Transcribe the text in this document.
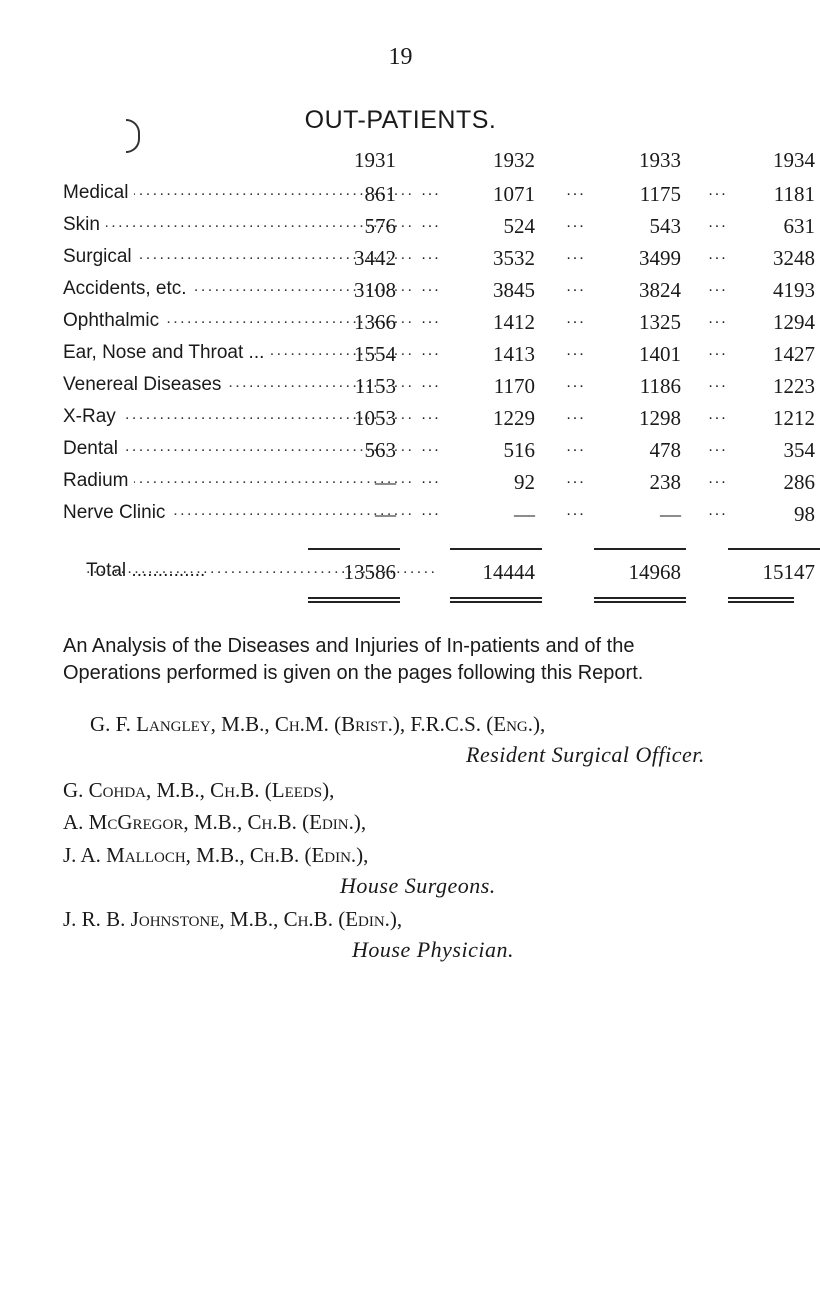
19
OUT-PATIENTS.
1931	1932	1933	1934
Medical . . .	861	...	1071	...	1175	...	1181
Skin . . .	576	...	524	...	543	...	631
Surgical . . .	3442	...	3532	...	3499	...	3248
Accidents, etc. . . .	3108	...	3845	...	3824	...	4193
Ophthalmic . . .	1366	...	1412	...	1325	...	1294
Ear, Nose and Throat ... . . .	1554	...	1413	...	1401	...	1427
Venereal Diseases . . .	1153	...	1170	...	1186	...	1223
X-Ray . . .	1053	...	1229	...	1298	...	1212
Dental . . .	563	...	516	...	478	...	354
Radium . . .	—	...	92	...	238	...	286
Nerve Clinic . . .	—	...	—	...	—	...	98
Total .............. . . .	13586	14444	14968	15147
An Analysis of the Diseases and Injuries of In-patients and of the Operations performed is given on the pages following this Report.
G. F. Langley, M.B., Ch.M. (Brist.), F.R.C.S. (Eng.),
Resident Surgical Officer.
G. Cohda, M.B., Ch.B. (Leeds),
A. McGregor, M.B., Ch.B. (Edin.),
J. A. Malloch, M.B., Ch.B. (Edin.),
House Surgeons.
J. R. B. Johnstone, M.B., Ch.B. (Edin.),
House Physician.
